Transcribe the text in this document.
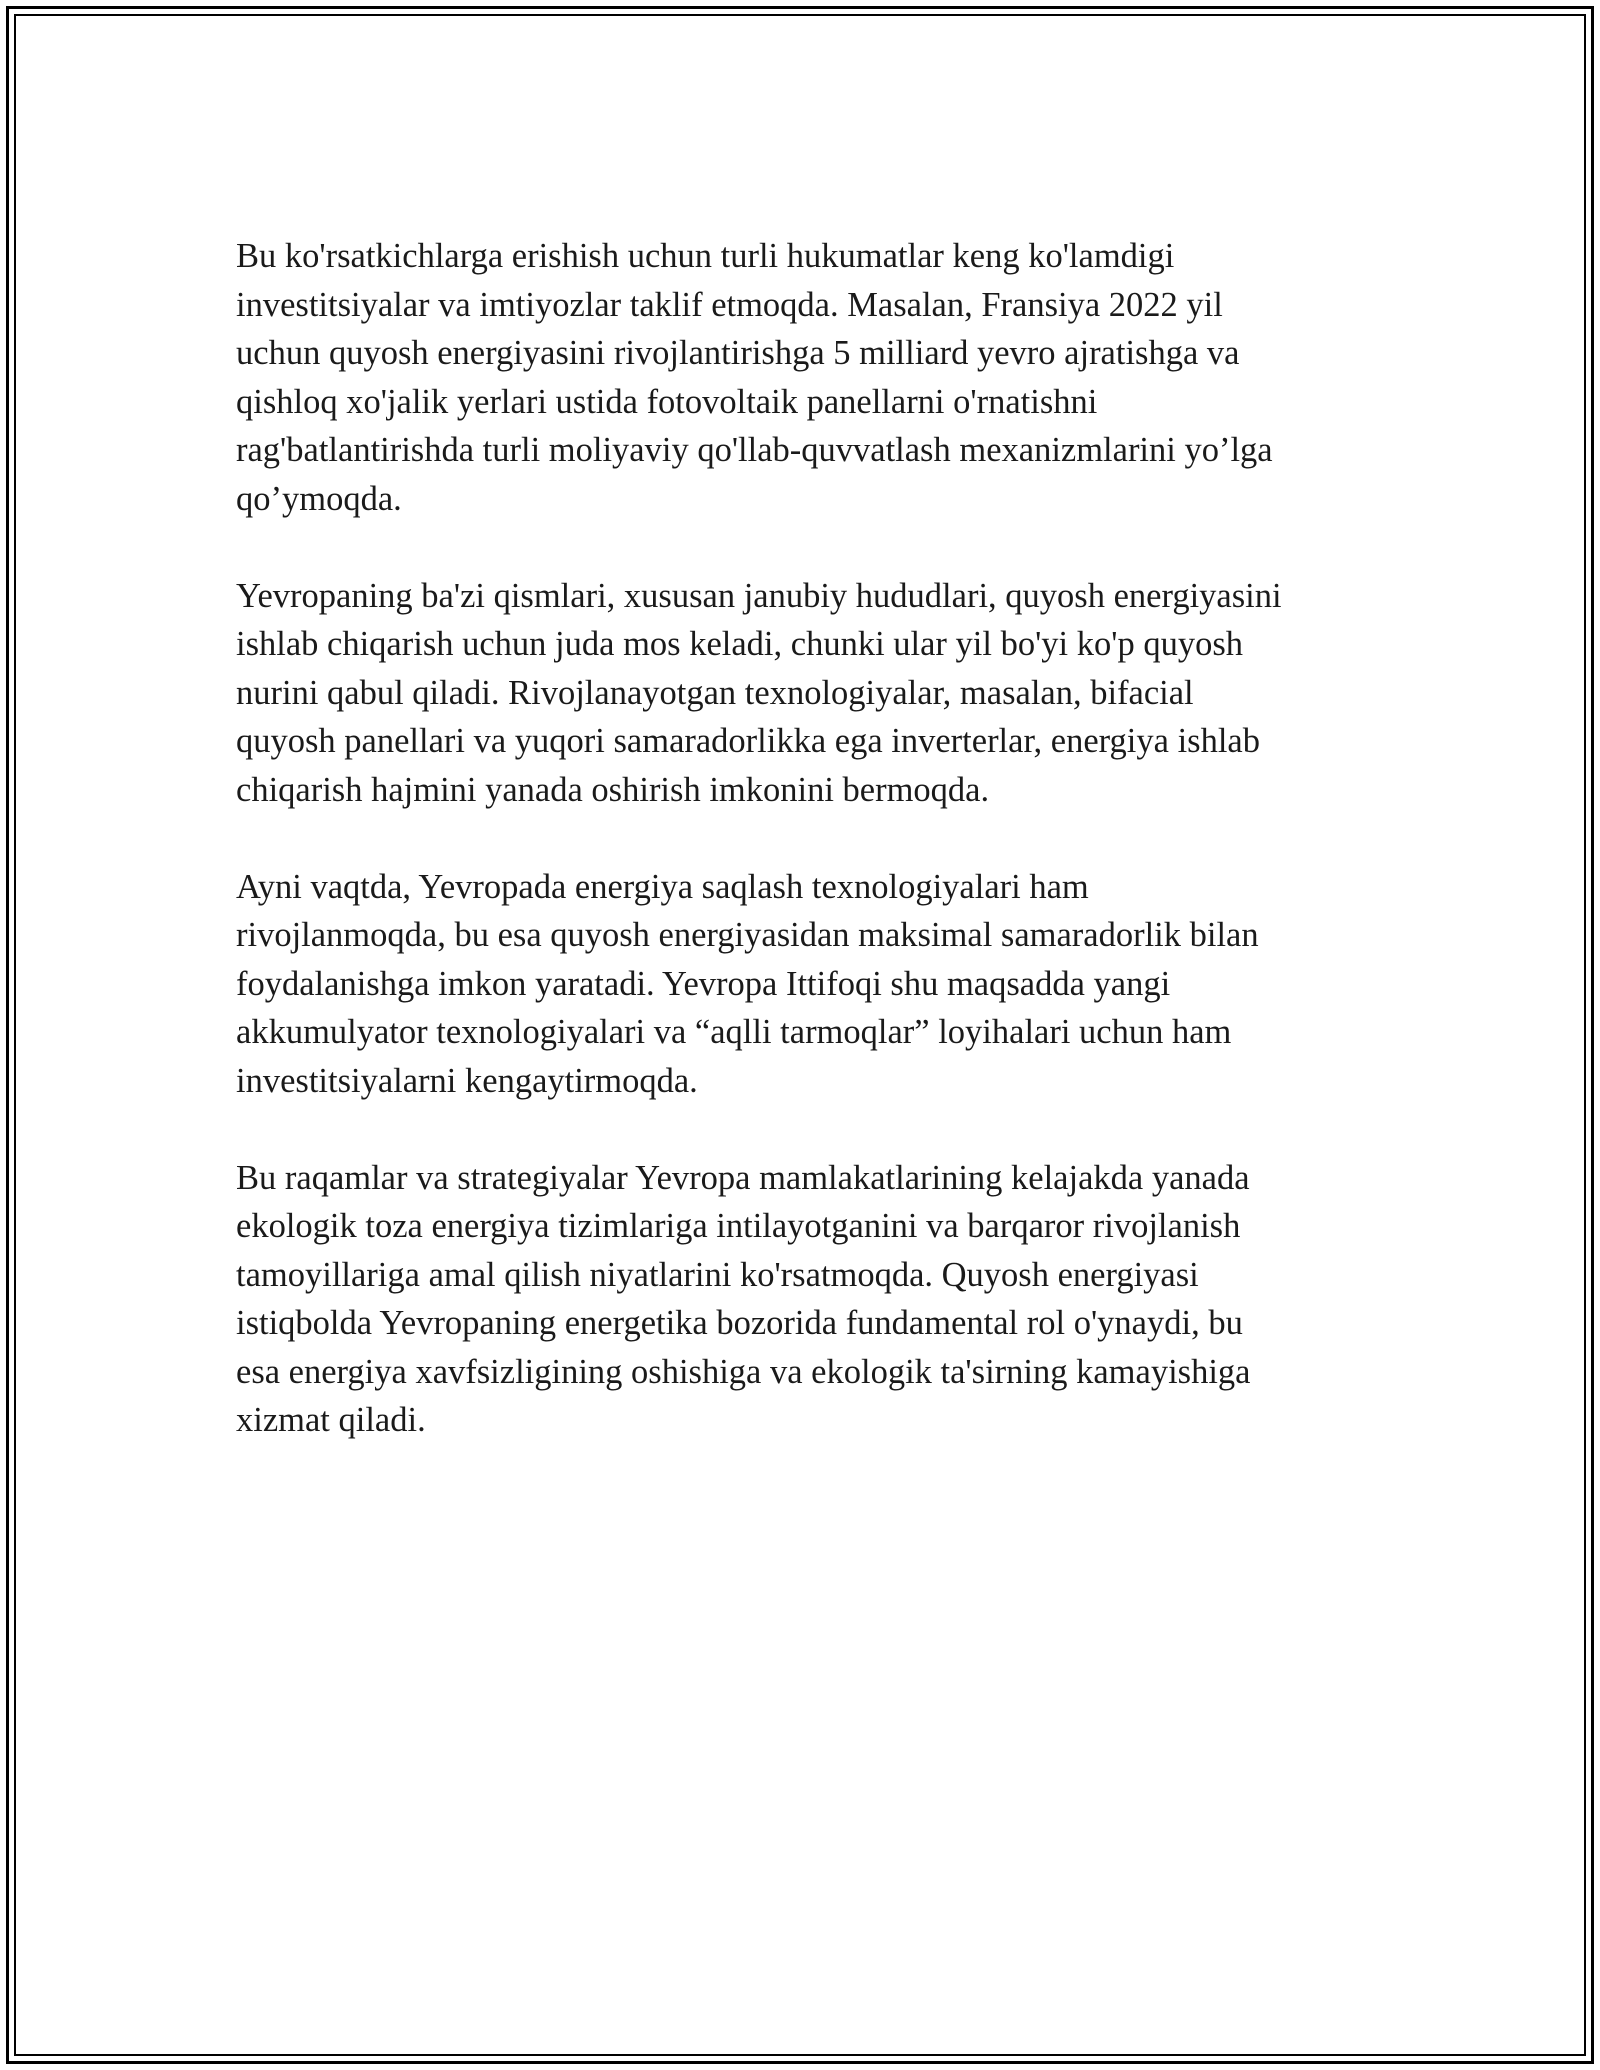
Bu ko'rsatkichlarga erishish uchun turli hukumatlar keng ko'lamdigi
investitsiyalar va imtiyozlar taklif etmoqda. Masalan, Fransiya 2022 yil
uchun quyosh energiyasini rivojlantirishga 5 milliard yevro ajratishga va
qishloq xo'jalik yerlari ustida fotovoltaik panellarni o'rnatishni
rag'batlantirishda turli moliyaviy qo'llab-quvvatlash mexanizmlarini yo’lga
qo’ymoqda.

Yevropaning ba'zi qismlari, xususan janubiy hududlari, quyosh energiyasini
ishlab chiqarish uchun juda mos keladi, chunki ular yil bo'yi ko'p quyosh
nurini qabul qiladi. Rivojlanayotgan texnologiyalar, masalan, bifacial
quyosh panellari va yuqori samaradorlikka ega inverterlar, energiya ishlab
chiqarish hajmini yanada oshirish imkonini bermoqda.

Ayni vaqtda, Yevropada energiya saqlash texnologiyalari ham
rivojlanmoqda, bu esa quyosh energiyasidan maksimal samaradorlik bilan
foydalanishga imkon yaratadi. Yevropa Ittifoqi shu maqsadda yangi
akkumulyator texnologiyalari va “aqlli tarmoqlar” loyihalari uchun ham
investitsiyalarni kengaytirmoqda.

Bu raqamlar va strategiyalar Yevropa mamlakatlarining kelajakda yanada
ekologik toza energiya tizimlariga intilayotganini va barqaror rivojlanish
tamoyillariga amal qilish niyatlarini ko'rsatmoqda. Quyosh energiyasi
istiqbolda Yevropaning energetika bozorida fundamental rol o'ynaydi, bu
esa energiya xavfsizligining oshishiga va ekologik ta'sirning kamayishiga
xizmat qiladi.
